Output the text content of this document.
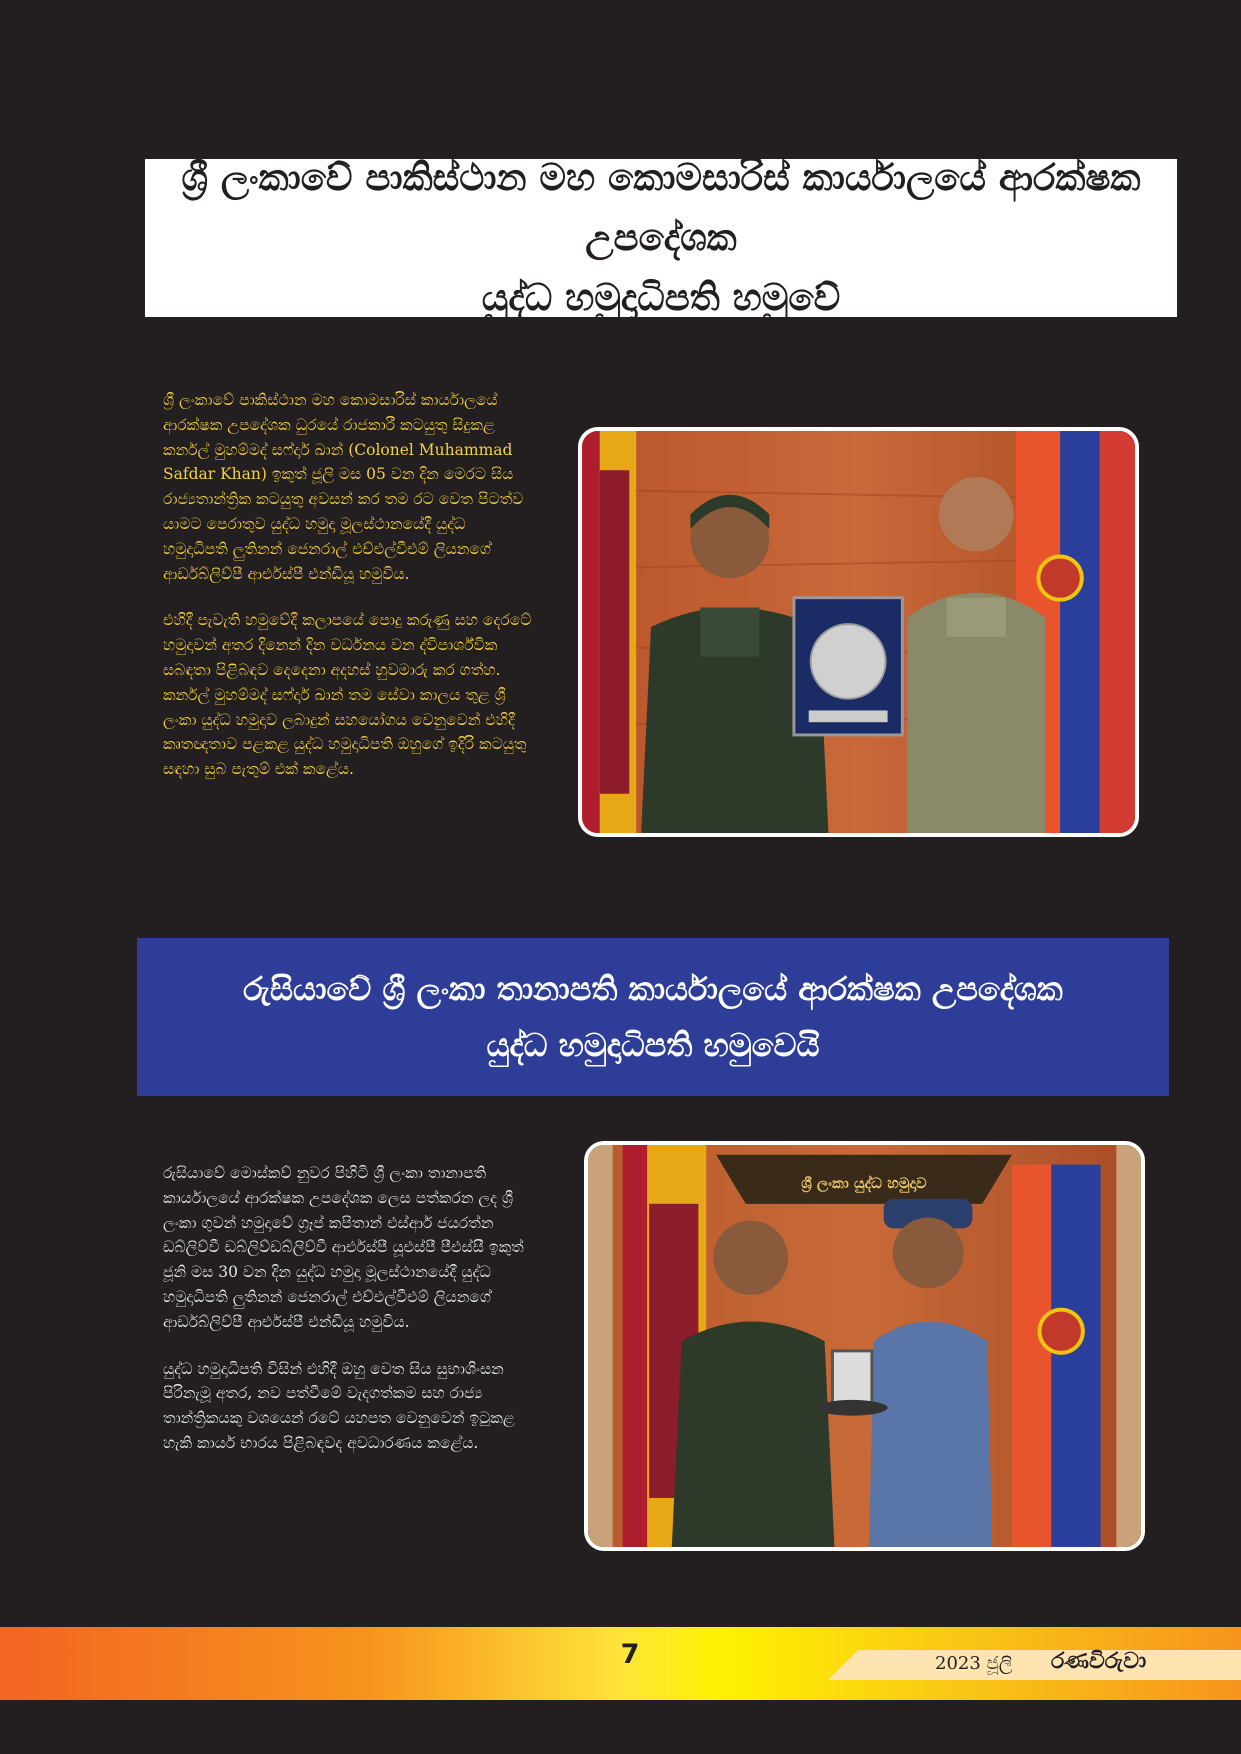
ශ්‍රී ලංකාවේ පාකිස්ථාන මහ කොමසාරිස් කාර්යාලයේ ආරක්ෂක උපදේශක
යුද්ධ හමුදාධිපති හමුවේ

ශ්‍රී ලංකාවේ පාකිස්ථාන මහ කොමසාරිස් කාර්යාලයේ ආරක්ෂක උපදේශක ධුරයේ රාජකාරී කටයුතු සිදුකළ කර්නල් මුහම්මද් සෆ්දාර් ඛාන් (Colonel Muhammad Safdar Khan) ඉකුත් ජූලි මස 05 වන දින මෙරට සිය රාජ්‍යතාන්ත්‍රික කටයුතු අවසන් කර තම රට වෙත පිටත්ව යාමට පෙරාතුව යුද්ධ හමුදා මූලස්ථානයේදී යුද්ධ හමුදාධිපති ලුතිනන් ජෙනරාල් එච්එල්වීඑම් ලියනගේ ආර්ඩබ්ලිව්පී ආර්එස්පී එන්ඩියූ හමුවිය.

එහිදී පැවැති හමුවේදී කලාපයේ පොදු කරුණු සහ දෙරටේ හමුදාවන් අතර දිනෙන් දින වර්ධනය වන ද්විපාර්ශ්වික සබඳතා පිළිබඳව දෙදෙනා අදහස් හුවමාරු කර ගත්හ. කර්නල් මුහම්මද් සෆ්දාර් ඛාන් තම සේවා කාලය තුළ ශ්‍රී ලංකා යුද්ධ හමුදාව ලබාදුන් සහයෝගය වෙනුවෙන් එහිදී කෘතඥතාව පළකළ යුද්ධ හමුදාධිපති ඔහුගේ ඉදිරි කටයුතු සඳහා සුබ පැතුම් එක් කළේය.

රුසියාවේ ශ්‍රී ලංකා තානාපති කාර්යාලයේ ආරක්ෂක උපදේශක
යුද්ධ හමුදාධිපති හමුවෙයි

රුසියාවේ මොස්කව් නුවර පිහිටි ශ්‍රී ලංකා තානාපති කාර්යාලයේ ආරක්ෂක උපදේශක ලෙස පත්කරන ලද ශ්‍රී ලංකා ගුවන් හමුදාවේ ග්‍රෑප් කපිතාන් එස්ආර් ජයරත්න ඩබ්ලිව්වී ඩබ්ලිව්ඩබ්ලිව්වී ආර්එස්පී යූඑස්පී පීඑස්සී ඉකුත් ජූනි මස 30 වන දින යුද්ධ හමුදා මූලස්ථානයේදී යුද්ධ හමුදාධිපති ලුතිනන් ජෙනරාල් එච්එල්වීඑම් ලියනගේ ආර්ඩබ්ලිව්පී ආර්එස්පී එන්ඩියූ හමුවිය.

යුද්ධ හමුදාධිපති විසින් එහිදී ඔහු වෙත සිය සුභාශිංසන පිරිනැමූ අතර, නව පත්වීමේ වැදගත්කම සහ රාජ්‍ය තාන්ත්‍රිකයකු වශයෙන් රටේ යහපත වෙනුවෙන් ඉටුකළ හැකි කාර්ය භාරය පිළිබඳවද අවධාරණය කළේය.

ශ්‍රී ලංකා යුද්ධ හමුදාව
7	2023 ජූලි රණවිරුවා
